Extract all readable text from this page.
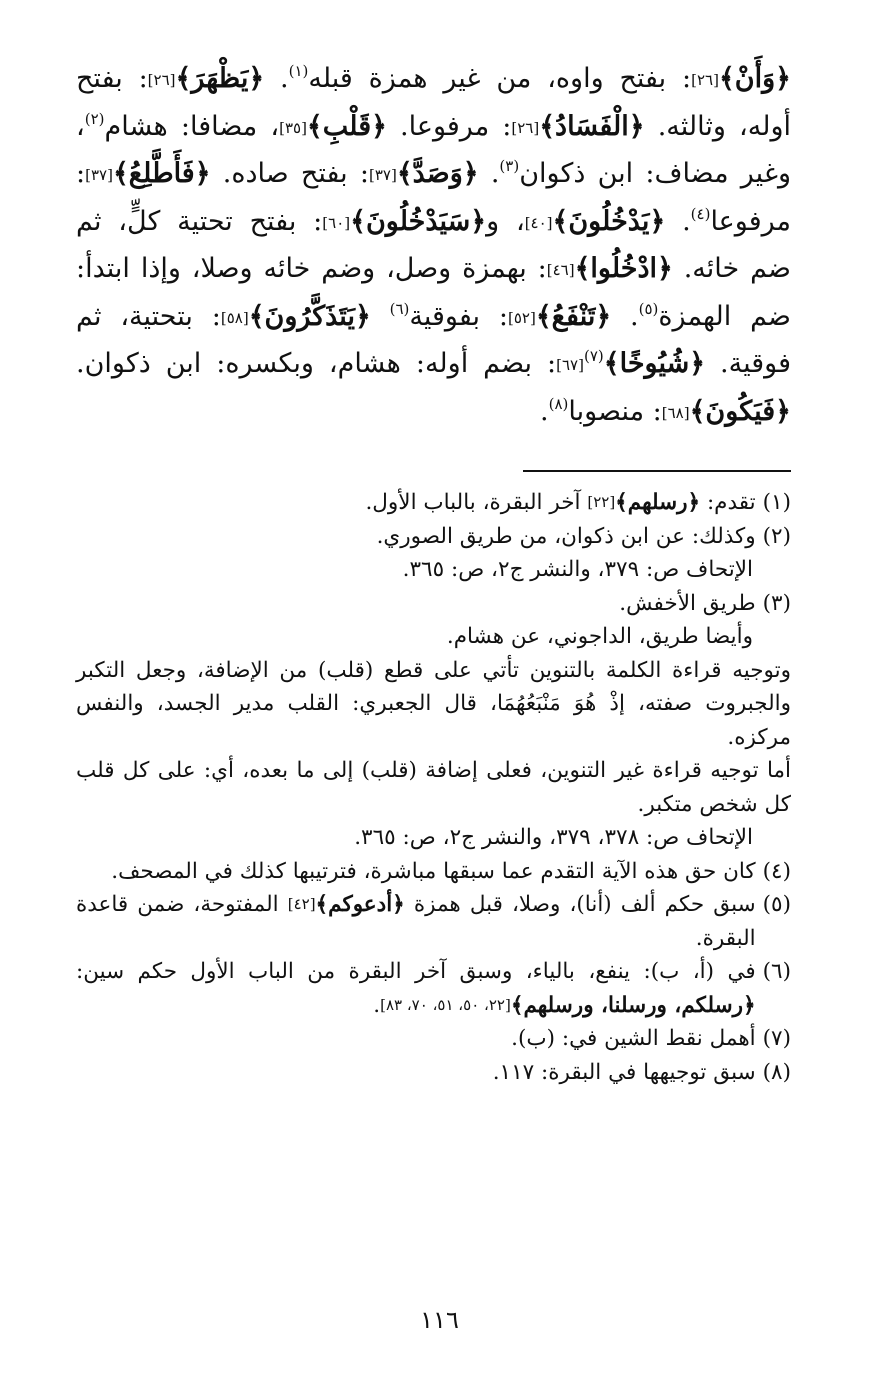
﴿وَأَنْ﴾[٢٦]: بفتح واوه، من غير همزة قبله$^{(١)}$. ﴿يَظْهَرَ﴾[٢٦]: بفتح أوله، وثالثه. ﴿الْفَسَادُ﴾[٢٦]: مرفوعا. ﴿قَلْبِ﴾[٣٥]، مضافا: هشام$^{(٢)}$، وغير مضاف: ابن ذكوان$^{(٣)}$. ﴿وَصَدَّ﴾[٣٧]: بفتح صاده. ﴿فَأَطَّلِعُ﴾[٣٧]: مرفوعا$^{(٤)}$. ﴿يَدْخُلُونَ﴾[٤٠]، و﴿سَيَدْخُلُونَ﴾[٦٠]: بفتح تحتية كلٍّ، ثم ضم خائه. ﴿ادْخُلُوا﴾[٤٦]: بهمزة وصل، وضم خائه وصلا، وإذا ابتدأ: ضم الهمزة$^{(٥)}$. ﴿تَنْفَعُ﴾[٥٢]: بفوقية$^{(٦)}$ ﴿يَتَذَكَّرُونَ﴾[٥٨]: بتحتية، ثم فوقية. ﴿شُيُوخًا﴾$^{(٧)}$[٦٧]: بضم أوله: هشام، وبكسره: ابن ذكوان. ﴿فَيَكُونَ﴾[٦٨]: منصوبا$^{(٨)}$.

(١)

تقدم: ﴿رسلهم﴾[٢٢] آخر البقرة، بالباب الأول.

(٢)

وكذلك: عن ابن ذكوان، من طريق الصوري.

الإتحاف ص: ٣٧٩، والنشر ج٢، ص: ٣٦٥.

(٣)

طريق الأخفش.

وأيضا طريق، الداجوني، عن هشام.

وتوجيه قراءة الكلمة بالتنوين تأتي على قطع (قلب) من الإضافة، وجعل التكبر والجبروت صفته، إذْ هُوَ مَنْبَعُهُمَا، قال الجعبري: القلب مدير الجسد، والنفس مركزه.

أما توجيه قراءة غير التنوين، فعلى إضافة (قلب) إلى ما بعده، أي: على كل قلب كل شخص متكبر.

الإتحاف ص: ٣٧٨، ٣٧٩، والنشر ج٢، ص: ٣٦٥.

(٤)

كان حق هذه الآية التقدم عما سبقها مباشرة، فترتيبها كذلك في المصحف.

(٥)

سبق حكم ألف (أنا)، وصلا، قبل همزة ﴿أدعوكم﴾[٤٢] المفتوحة، ضمن قاعدة البقرة.

(٦)

في (أ، ب): ينفع، بالياء، وسبق آخر البقرة من الباب الأول حكم سين: ﴿رسلكم، ورسلنا، ورسلهم﴾[٢٢، ٥٠، ٥١، ٧٠، ٨٣].

(٧)

أهمل نقط الشين في: (ب).

(٨)

سبق توجيهها في البقرة: ١١٧.

١١٦
